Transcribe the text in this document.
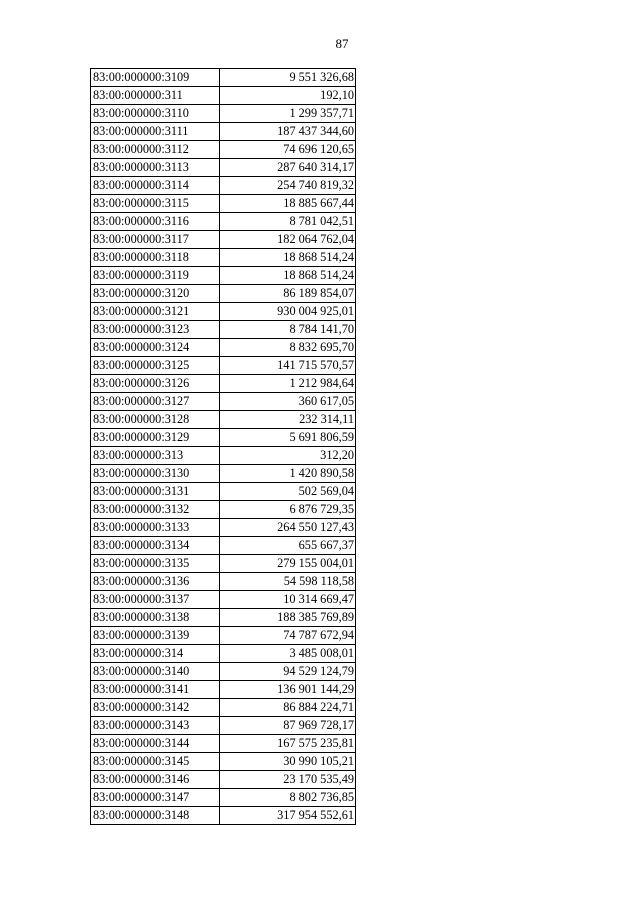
87
83:00:000000:3109	9 551 326,68
83:00:000000:311	192,10
83:00:000000:3110	1 299 357,71
83:00:000000:3111	187 437 344,60
83:00:000000:3112	74 696 120,65
83:00:000000:3113	287 640 314,17
83:00:000000:3114	254 740 819,32
83:00:000000:3115	18 885 667,44
83:00:000000:3116	8 781 042,51
83:00:000000:3117	182 064 762,04
83:00:000000:3118	18 868 514,24
83:00:000000:3119	18 868 514,24
83:00:000000:3120	86 189 854,07
83:00:000000:3121	930 004 925,01
83:00:000000:3123	8 784 141,70
83:00:000000:3124	8 832 695,70
83:00:000000:3125	141 715 570,57
83:00:000000:3126	1 212 984,64
83:00:000000:3127	360 617,05
83:00:000000:3128	232 314,11
83:00:000000:3129	5 691 806,59
83:00:000000:313	312,20
83:00:000000:3130	1 420 890,58
83:00:000000:3131	502 569,04
83:00:000000:3132	6 876 729,35
83:00:000000:3133	264 550 127,43
83:00:000000:3134	655 667,37
83:00:000000:3135	279 155 004,01
83:00:000000:3136	54 598 118,58
83:00:000000:3137	10 314 669,47
83:00:000000:3138	188 385 769,89
83:00:000000:3139	74 787 672,94
83:00:000000:314	3 485 008,01
83:00:000000:3140	94 529 124,79
83:00:000000:3141	136 901 144,29
83:00:000000:3142	86 884 224,71
83:00:000000:3143	87 969 728,17
83:00:000000:3144	167 575 235,81
83:00:000000:3145	30 990 105,21
83:00:000000:3146	23 170 535,49
83:00:000000:3147	8 802 736,85
83:00:000000:3148	317 954 552,61
